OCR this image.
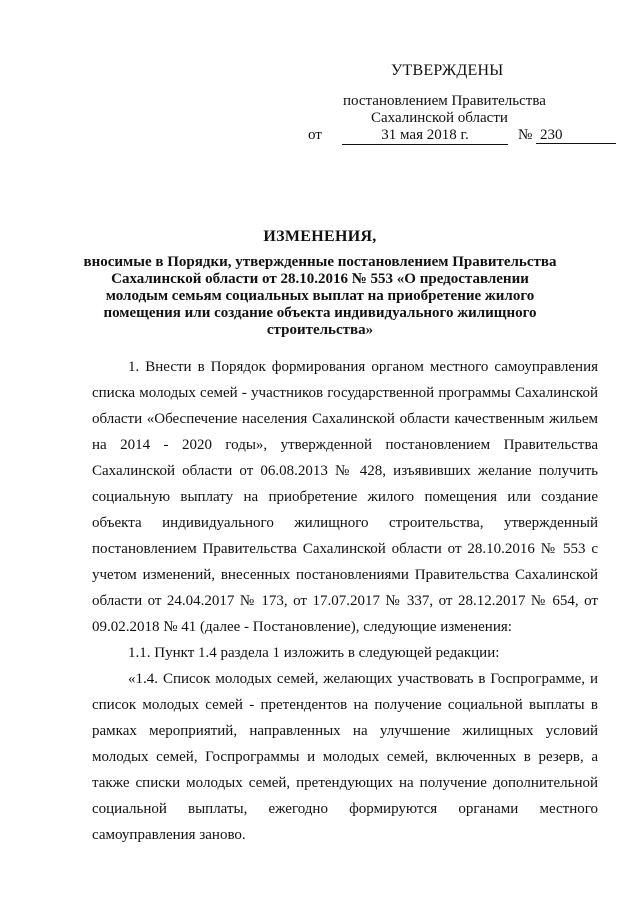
УТВЕРЖДЕНЫ
постановлением Правительства
Сахалинской области
от	31 мая 2018 г.	№ 230
ИЗМЕНЕНИЯ,
вносимые в Порядки, утвержденные постановлением Правительства Сахалинской области от 28.10.2016 № 553 «О предоставлении молодым семьям социальных выплат на приобретение жилого помещения или создание объекта индивидуального жилищного строительства»

1. Внести в Порядок формирования органом местного самоуправления списка молодых семей - участников государственной программы Сахалинской области «Обеспечение населения Сахалинской области качественным жильем на 2014 - 2020 годы», утвержденной постановлением Правительства Сахалинской области от 06.08.2013 № 428, изъявивших желание получить социальную выплату на приобретение жилого помещения или создание объекта индивидуального жилищного строительства, утвержденный постановлением Правительства Сахалинской области от 28.10.2016 № 553 с учетом изменений, внесенных постановлениями Правительства Сахалинской области от 24.04.2017 № 173, от 17.07.2017 № 337, от 28.12.2017 № 654, от 09.02.2018 № 41 (далее - Постановление), следующие изменения:

1.1. Пункт 1.4 раздела 1 изложить в следующей редакции:

«1.4. Список молодых семей, желающих участвовать в Госпрограмме, и список молодых семей - претендентов на получение социальной выплаты в рамках мероприятий, направленных на улучшение жилищных условий молодых семей, Госпрограммы и молодых семей, включенных в резерв, а также списки молодых семей, претендующих на получение дополнительной социальной выплаты, ежегодно формируются органами местного самоуправления заново.
